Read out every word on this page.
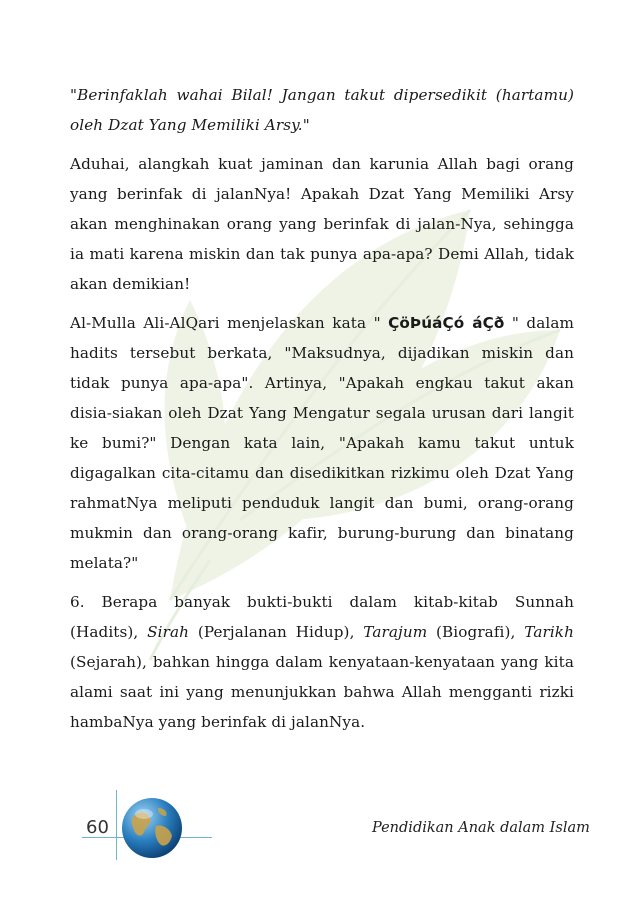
"Berinfaklah wahai Bilal! Jangan takut dipersedikit (hartamu) oleh Dzat Yang Memiliki Arsy."

Aduhai, alangkah kuat jaminan dan karunia Allah bagi orang yang berinfak di jalanNya! Apakah Dzat Yang Memiliki Arsy akan menghinakan orang yang berinfak di jalan-Nya, sehingga ia mati karena miskin dan tak punya apa-apa? Demi Allah, tidak akan demikian!

Al-Mulla Ali-AlQari menjelaskan kata " ÇöÞúáÇó áÇð " dalam hadits tersebut berkata, "Maksudnya, dijadikan miskin dan tidak punya apa-apa". Artinya, "Apakah engkau takut akan disia-siakan oleh Dzat Yang Mengatur segala urusan dari langit ke bumi?" Dengan kata lain, "Apakah kamu takut untuk digagalkan cita-citamu dan disedikitkan rizkimu oleh Dzat Yang rahmatNya meliputi penduduk langit dan bumi, orang-orang mukmin dan orang-orang kafir, burung-burung dan binatang melata?"

6. Berapa banyak bukti-bukti dalam kitab-kitab Sunnah (Hadits), Sirah (Perjalanan Hidup), Tarajum (Biografi), Tarikh (Sejarah), bahkan hingga dalam kenyataan-kenyataan yang kita alami saat ini yang menunjukkan bahwa Allah mengganti rizki hambaNya yang berinfak di jalanNya.

60	Pendidikan Anak dalam Islam
